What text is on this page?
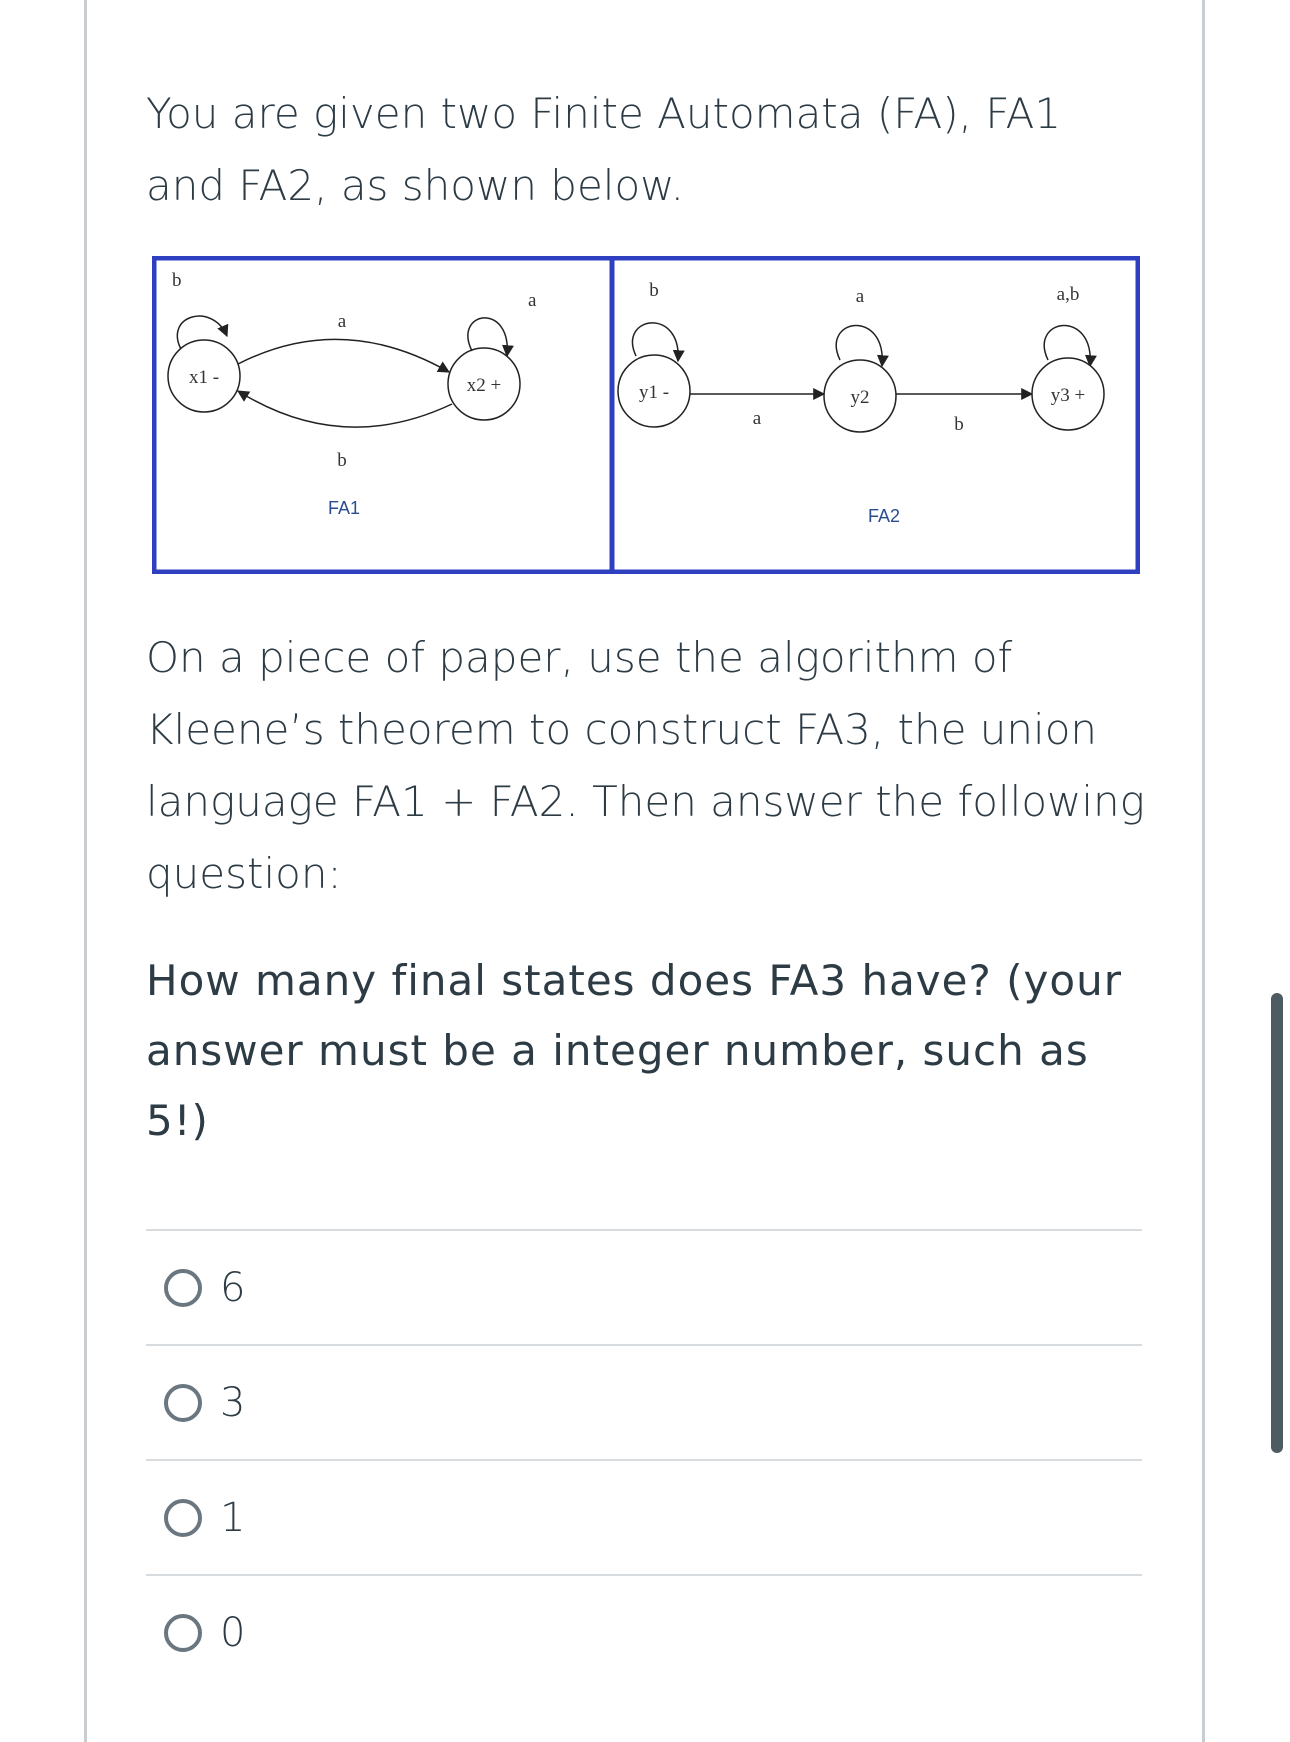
You are given two Finite Automata (FA), FA1 and FA2, as shown below.
b
x1 -	x2 +
a
a
b
FA1
b
y1 -
a
a
y2
b
a,b
y3 +
FA2
On a piece of paper, use the algorithm of Kleene’s theorem to construct FA3, the union language FA1 + FA2. Then answer the following question:
How many final states does FA3 have? (your answer must be a integer number, such as 5!)
6
3
1
0
